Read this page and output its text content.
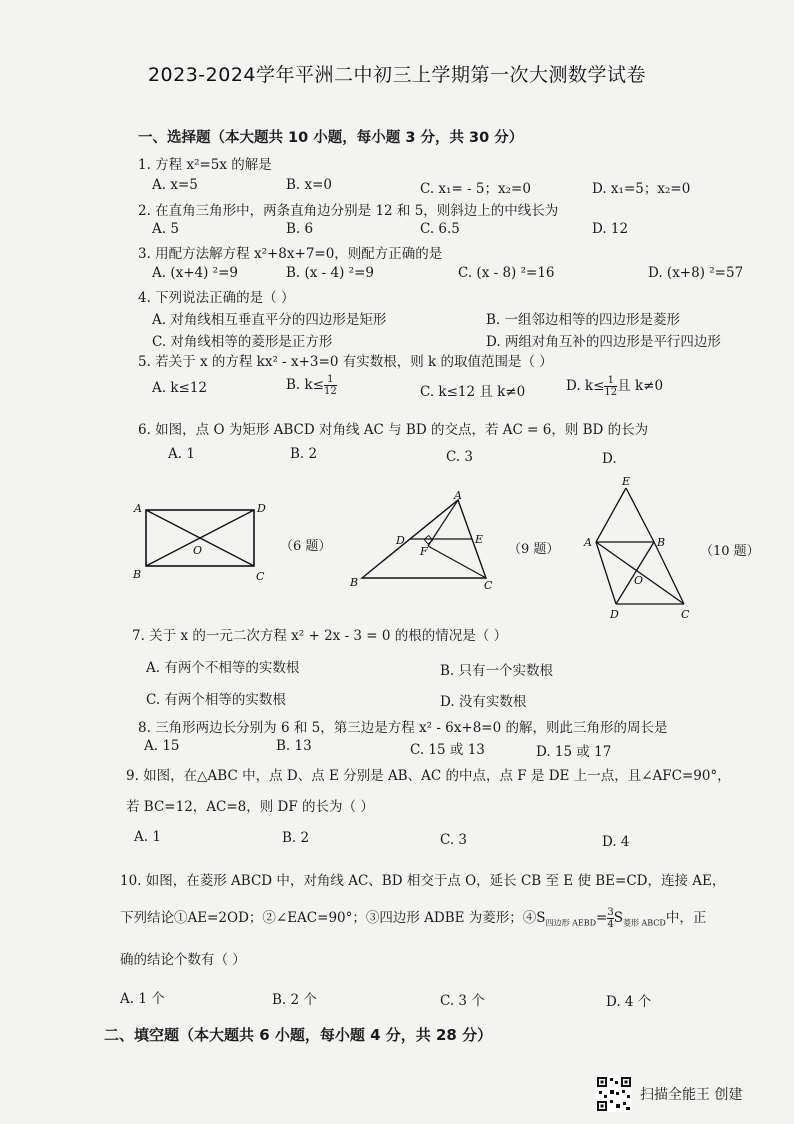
2023-2024学年平洲二中初三上学期第一次大测数学试卷
一、选择题（本大题共 10 小题，每小题 3 分，共 30 分）
1. 方程 x²=5x 的解是
A. x=5	B. x=0	C. x₁= - 5；x₂=0	D. x₁=5；x₂=0
2. 在直角三角形中，两条直角边分别是 12 和 5，则斜边上的中线长为
A. 5	B. 6	C. 6.5	D. 12
3. 用配方法解方程 x²+8x+7=0，则配方正确的是
A. (x+4) ²=9	B. (x - 4) ²=9	C. (x - 8) ²=16	D. (x+8) ²=57
4. 下列说法正确的是（ ）
A. 对角线相互垂直平分的四边形是矩形	B. 一组邻边相等的四边形是菱形
C. 对角线相等的菱形是正方形	D. 两组对角互补的四边形是平行四边形
5. 若关于 x 的方程 kx² - x+3=0 有实数根，则 k 的取值范围是（ ）
A. k≤12	B. $k\le \frac{1}{12}$	C. k≤12 且 k≠0	D. $k\le \frac{1}{12}$ 且 k≠0
6. 如图，点 O 为矩形 ABCD 对角线 AC 与 BD 的交点，若 AC = 6，则 BD 的长为
A. 1	B. 2	C. 3	D.
A	D
B	C
O	（6 题）
A
D	E
F
B	C
（9 题）
E
A	B
O
D	C
（10 题）
7. 关于 x 的一元二次方程 x² + 2x - 3 = 0 的根的情况是（ ）
A. 有两个不相等的实数根	B. 只有一个实数根
C. 有两个相等的实数根	D. 没有实数根
8. 三角形两边长分别为 6 和 5，第三边是方程 x² - 6x+8=0 的解，则此三角形的周长是
A. 15	B. 13	C. 15 或 13	D. 15 或 17
9. 如图，在△ABC 中，点 D、点 E 分别是 AB、AC 的中点，点 F 是 DE 上一点，且∠AFC=90°，
若 BC=12，AC=8，则 DF 的长为（ ）
A. 1	B. 2	C. 3	D. 4
10. 如图，在菱形 ABCD 中，对角线 AC、BD 相交于点 O，延长 CB 至 E 使 BE=CD，连接 AE，
下列结论①AE=2OD；②∠EAC=90°；③四边形 ADBE 为菱形；$④S_{四边形 AEBD}= \frac{3}{4} S_{菱形 ABCD}$中，正
确的结论个数有（ ）
A. 1 个	B. 2 个	C. 3 个	D. 4 个
二、填空题（本大题共 6 小题，每小题 4 分，共 28 分）
扫描全能王 创建
